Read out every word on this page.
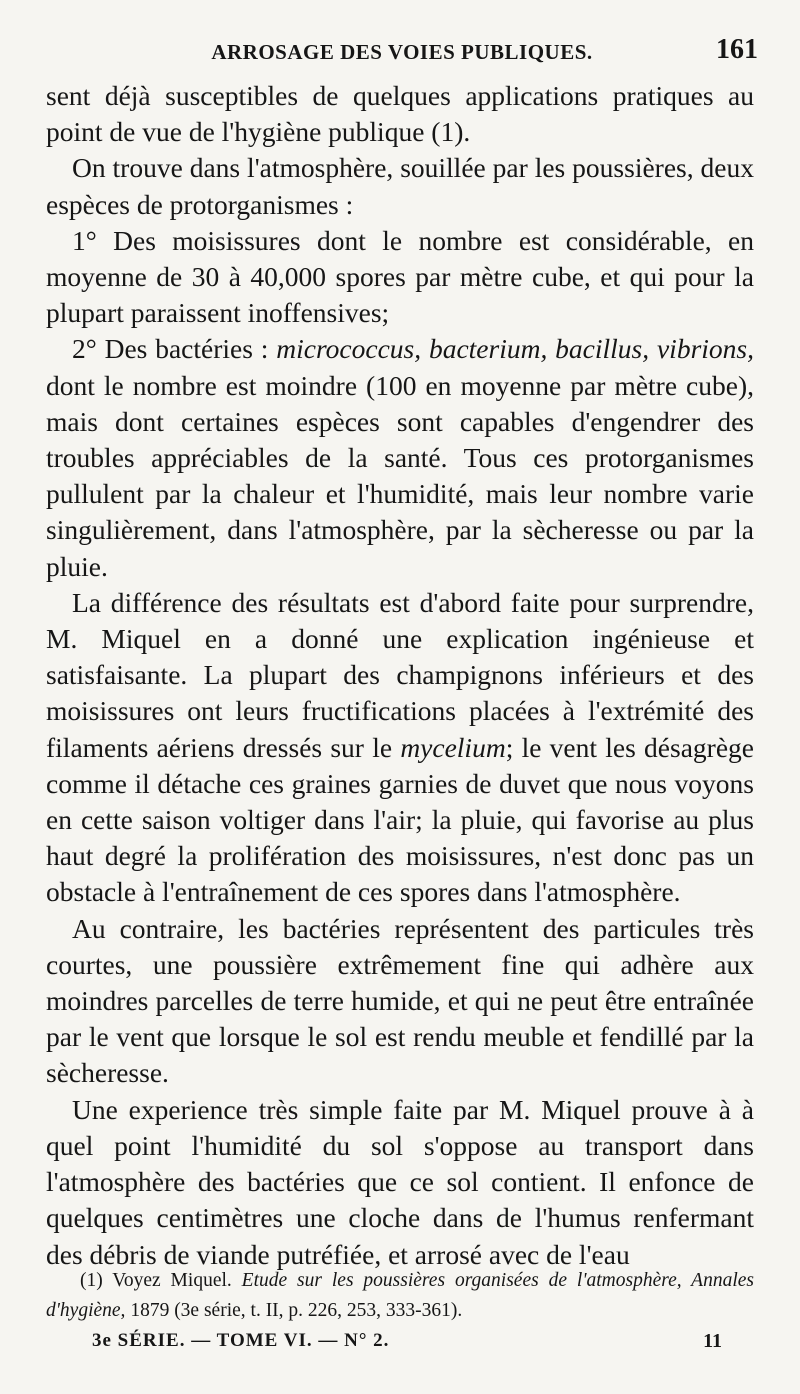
ARROSAGE DES VOIES PUBLIQUES.	161

sent déjà susceptibles de quelques applications pratiques au point de vue de l'hygiène publique (1).

On trouve dans l'atmosphère, souillée par les poussières, deux espèces de protorganismes :

1° Des moisissures dont le nombre est considérable, en moyenne de 30 à 40,000 spores par mètre cube, et qui pour la plupart paraissent inoffensives;

2° Des bactéries : micrococcus, bacterium, bacillus, vibrions, dont le nombre est moindre (100 en moyenne par mètre cube), mais dont certaines espèces sont capables d'engendrer des troubles appréciables de la santé. Tous ces protorganismes pullulent par la chaleur et l'humidité, mais leur nombre varie singulièrement, dans l'atmosphère, par la sècheresse ou par la pluie.

La différence des résultats est d'abord faite pour surprendre, M. Miquel en a donné une explication ingénieuse et satisfaisante. La plupart des champignons inférieurs et des moisissures ont leurs fructifications placées à l'extrémité des filaments aériens dressés sur le mycelium; le vent les désagrège comme il détache ces graines garnies de duvet que nous voyons en cette saison voltiger dans l'air; la pluie, qui favorise au plus haut degré la prolifération des moisissures, n'est donc pas un obstacle à l'entraînement de ces spores dans l'atmosphère.

Au contraire, les bactéries représentent des particules très courtes, une poussière extrêmement fine qui adhère aux moindres parcelles de terre humide, et qui ne peut être entraînée par le vent que lorsque le sol est rendu meuble et fendillé par la sècheresse.

Une experience très simple faite par M. Miquel prouve à à quel point l'humidité du sol s'oppose au transport dans l'atmosphère des bactéries que ce sol contient. Il enfonce de quelques centimètres une cloche dans de l'humus renfermant des débris de viande putréfiée, et arrosé avec de l'eau

(1) Voyez Miquel. Etude sur les poussières organisées de l'atmosphère, Annales d'hygiène, 1879 (3e série, t. II, p. 226, 253, 333-361).

3e SÉRIE. — TOME VI. — N° 2.	11
